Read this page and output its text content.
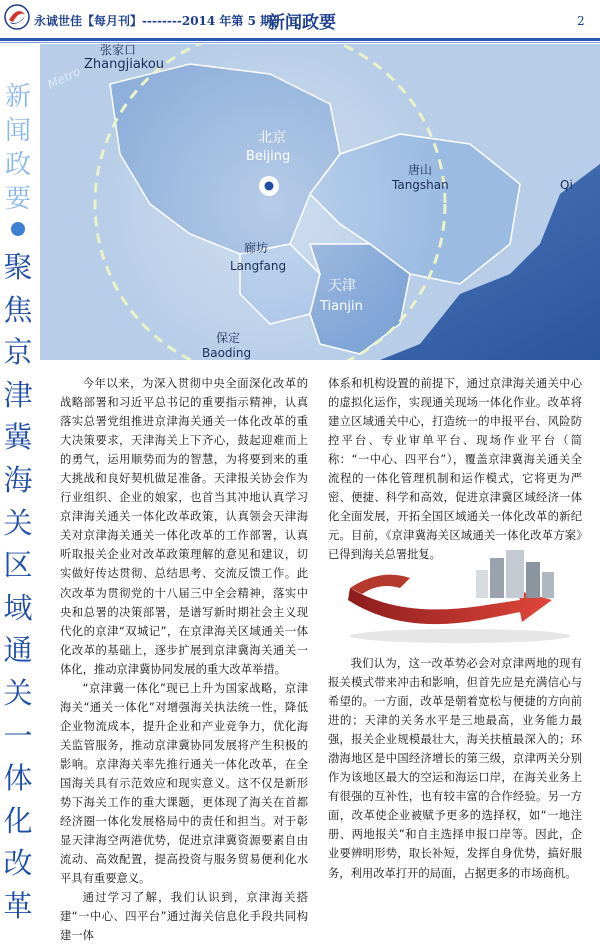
永诚世佳【每月刊】--------2014 年第 5 期
新闻政要	2
新
闻
政
要
聚
焦
京
津
冀
海
关
区
域
通
关
一
体
化
改
革
张家口
Zhangjiakou
Metro
北京
Beijing
唐山
Tangshan	Qi
廊坊
Langfang
天津
Tianjin
保定
Baoding

今年以来，为深入贯彻中央全面深化改革的战略部署和习近平总书记的重要指示精神，认真落实总署党组推进京津海关通关一体化改革的重大决策要求，天津海关上下齐心，鼓起迎难而上的勇气，运用顺势而为的智慧，为将要到来的重大挑战和良好契机做足准备。天津报关协会作为行业组织、企业的娘家，也首当其冲地认真学习京津海关通关一体化改革政策，认真领会天津海关对京津海关通关一体化改革的工作部署，认真听取报关企业对改革政策理解的意见和建议，切实做好传达贯彻、总结思考、交流反馈工作。此次改革为贯彻党的十八届三中全会精神，落实中央和总署的决策部署，是谱写新时期社会主义现代化的京津“双城记”，在京津海关区域通关一体化改革的基础上，逐步扩展到京津冀海关通关一体化，推动京津冀协同发展的重大改革举措。

“京津冀一体化”现已上升为国家战略，京津海关“通关一体化”对增强海关执法统一性，降低企业物流成本，提升企业和产业竞争力，优化海关监管服务，推动京津冀协同发展将产生积极的影响。京津海关率先推行通关一体化改革，在全国海关具有示范效应和现实意义。这不仅是新形势下海关工作的重大课题，更体现了海关在首都经济圈一体化发展格局中的责任和担当。对于彰显天津海空两港优势，促进京津冀资源要素自由流动、高效配置，提高投资与服务贸易便利化水平具有重要意义。

通过学习了解，我们认识到，京津海关搭建“一中心、四平台”通过海关信息化手段共同构建一体

体系和机构设置的前提下，通过京津海关通关中心的虚拟化运作，实现通关现场一体化作业。改革将建立区域通关中心，打造统一的申报平台、风险防控平台、专业审单平台、现场作业平台（简称：“一中心、四平台”），覆盖京津冀海关通关全流程的一体化管理机制和运作模式，它将更为严密、便捷、科学和高效，促进京津冀区域经济一体化全面发展，开拓全国区域通关一体化改革的新纪元。目前，《京津冀海关区域通关一体化改革方案》已得到海关总署批复。

我们认为，这一改革势必会对京津两地的现有报关模式带来冲击和影响，但首先应是充满信心与希望的。一方面，改革是朝着宽松与便捷的方向前进的；天津的关务水平是三地最高，业务能力最强，报关企业规模最壮大，海关扶植最深入的；环渤海地区是中国经济增长的第三级，京津两关分别作为该地区最大的空运和海运口岸，在海关业务上有很强的互补性，也有较丰富的合作经验。另一方面，改革使企业被赋予更多的选择权，如“一地注册、两地报关”和自主选择申报口岸等。因此，企业要辨明形势，取长补短，发挥自身优势，搞好服务，利用改革打开的局面，占据更多的市场商机。
